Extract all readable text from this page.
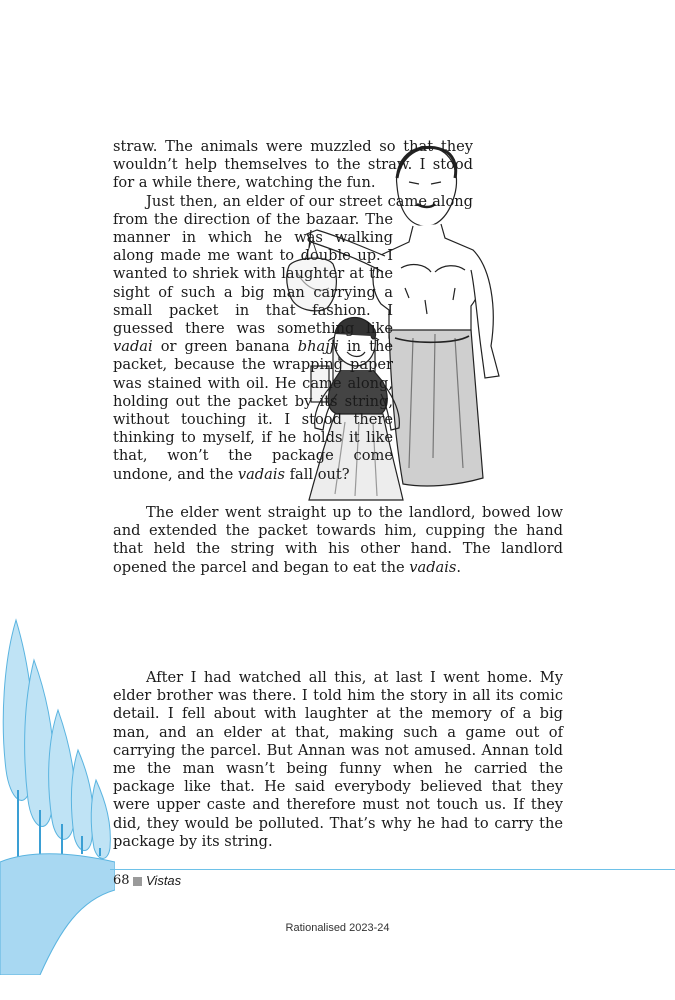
straw. The animals were muzzled so that they wouldn’t help themselves to the straw. I stood for a while there, watching the fun.
Just then, an elder of our street came along from the direction of the bazaar. The manner in which he was walking along made me want to double up. I wanted to shriek with laughter at the sight of such a big man carrying a small packet in that fashion. I guessed there was something like vadai or green banana bhajji in the packet, because the wrapping paper was stained with oil. He came along, holding out the packet by its string, without touching it. I stood there thinking to myself, if he holds it like that, won’t the package come undone, and the vadais fall out?

The elder went straight up to the landlord, bowed low and extended the packet towards him, cupping the hand that held the string with his other hand. The landlord opened the parcel and began to eat the vadais.

After I had watched all this, at last I went home. My elder brother was there. I told him the story in all its comic detail. I fell about with laughter at the memory of a big man, and an elder at that, making such a game out of carrying the parcel. But Annan was not amused. Annan told me the man wasn’t being funny when he carried the package like that. He said everybody believed that they were upper caste and therefore must not touch us. If they did, they would be polluted. That’s why he had to carry the package by its string.

68 Vistas
Rationalised 2023-24
